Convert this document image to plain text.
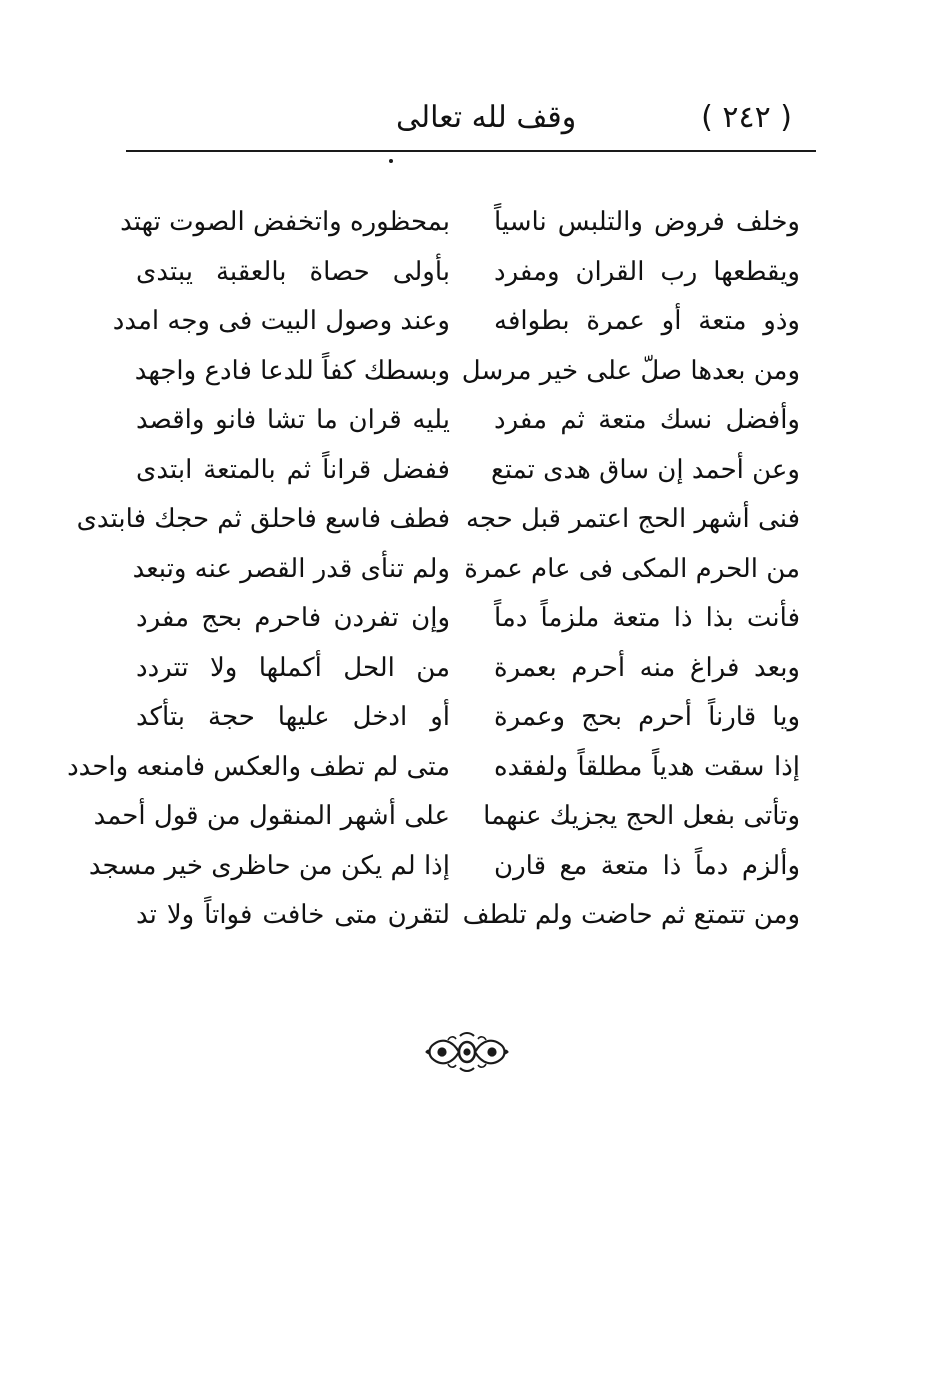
( ٢٤٢ )
وقف لله تعالى
وخلف فروض والتلبس ناسياً
بمحظوره واتخفض الصوت تهتد
ويقطعها رب القران ومفرد
بأولى حصاة بالعقبة يبتدى
وذو متعة أو عمرة بطوافه
وعند وصول البيت فى وجه امدد
ومن بعدها صلّ على خير مرسل
وبسطك كفاً للدعا فادع واجهد
وأفضل نسك متعة ثم مفرد
يليه قران ما تشا فانو واقصد
وعن أحمد إن ساق هدى تمتع
ففضل قراناً ثم بالمتعة ابتدى
فنى أشهر الحج اعتمر قبل حجه
فطف فاسع فاحلق ثم حجك فابتدى
من الحرم المكى فى عام عمرة
ولم تنأى قدر القصر عنه وتبعد
فأنت بذا ذا متعة ملزماً دماً
وإن تفردن فاحرم بحج مفرد
وبعد فراغ منه أحرم بعمرة
من الحل أكملها ولا تتردد
ويا قارناً أحرم بحج وعمرة
أو ادخل عليها حجة بتأكد
إذا سقت هدياً مطلقاً ولفقده
متى لم تطف والعكس فامنعه واحدد
وتأتى بفعل الحج يجزيك عنهما
على أشهر المنقول من قول أحمد
وألزم دماً ذا متعة مع قارن
إذا لم يكن من حاظرى خير مسجد
ومن تتمتع ثم حاضت ولم تلطف
لتقرن متى خافت فواتاً ولا تد
